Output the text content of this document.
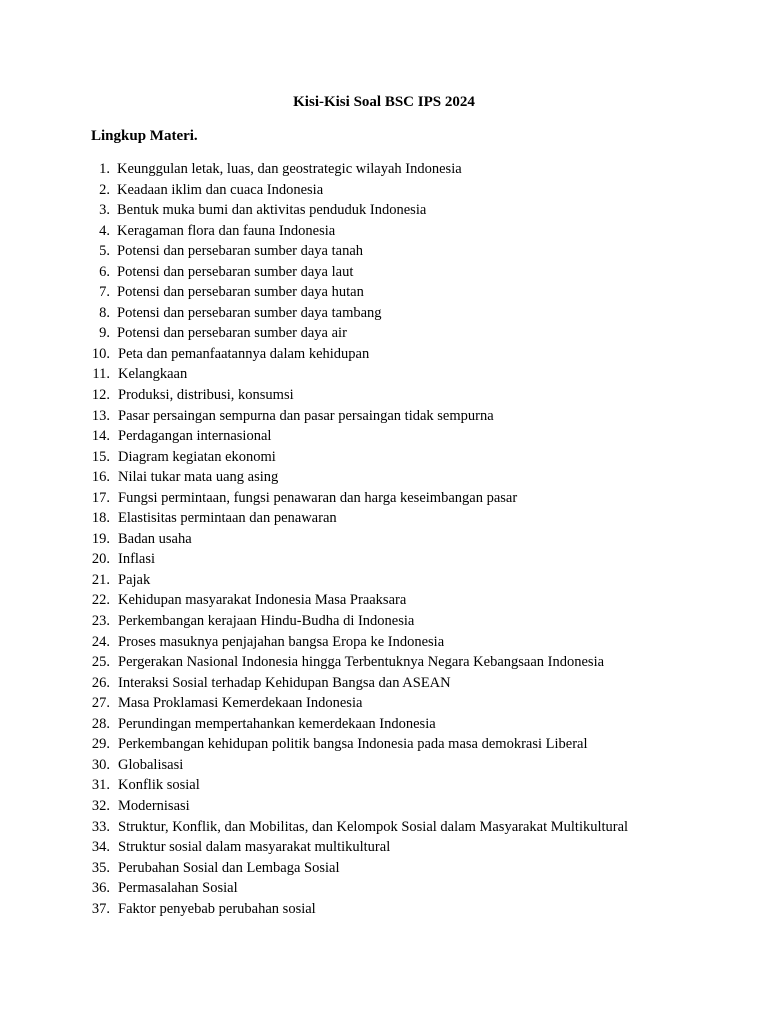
Kisi-Kisi Soal BSC IPS 2024
Lingkup Materi.
1. Keunggulan letak, luas, dan geostrategic wilayah Indonesia
2. Keadaan iklim dan cuaca Indonesia
3. Bentuk muka bumi dan aktivitas penduduk Indonesia
4. Keragaman flora dan fauna Indonesia
5. Potensi dan persebaran sumber daya tanah
6. Potensi dan persebaran sumber daya laut
7. Potensi dan persebaran sumber daya hutan
8. Potensi dan persebaran sumber daya tambang
9. Potensi dan persebaran sumber daya air
10. Peta dan pemanfaatannya dalam kehidupan
11. Kelangkaan
12. Produksi, distribusi, konsumsi
13. Pasar persaingan sempurna dan pasar persaingan tidak sempurna
14. Perdagangan internasional
15. Diagram kegiatan ekonomi
16. Nilai tukar mata uang asing
17. Fungsi permintaan, fungsi penawaran dan harga keseimbangan pasar
18. Elastisitas permintaan dan penawaran
19. Badan usaha
20. Inflasi
21. Pajak
22. Kehidupan masyarakat Indonesia Masa Praaksara
23. Perkembangan kerajaan Hindu-Budha di Indonesia
24. Proses masuknya penjajahan bangsa Eropa ke Indonesia
25. Pergerakan Nasional Indonesia hingga Terbentuknya Negara Kebangsaan Indonesia
26. Interaksi Sosial terhadap Kehidupan Bangsa dan ASEAN
27. Masa Proklamasi Kemerdekaan Indonesia
28. Perundingan mempertahankan kemerdekaan Indonesia
29. Perkembangan kehidupan politik bangsa Indonesia pada masa demokrasi Liberal
30. Globalisasi
31. Konflik sosial
32. Modernisasi
33. Struktur, Konflik, dan Mobilitas, dan Kelompok Sosial dalam Masyarakat Multikultural
34. Struktur sosial dalam masyarakat multikultural
35. Perubahan Sosial dan Lembaga Sosial
36. Permasalahan Sosial
37. Faktor penyebab perubahan sosial
